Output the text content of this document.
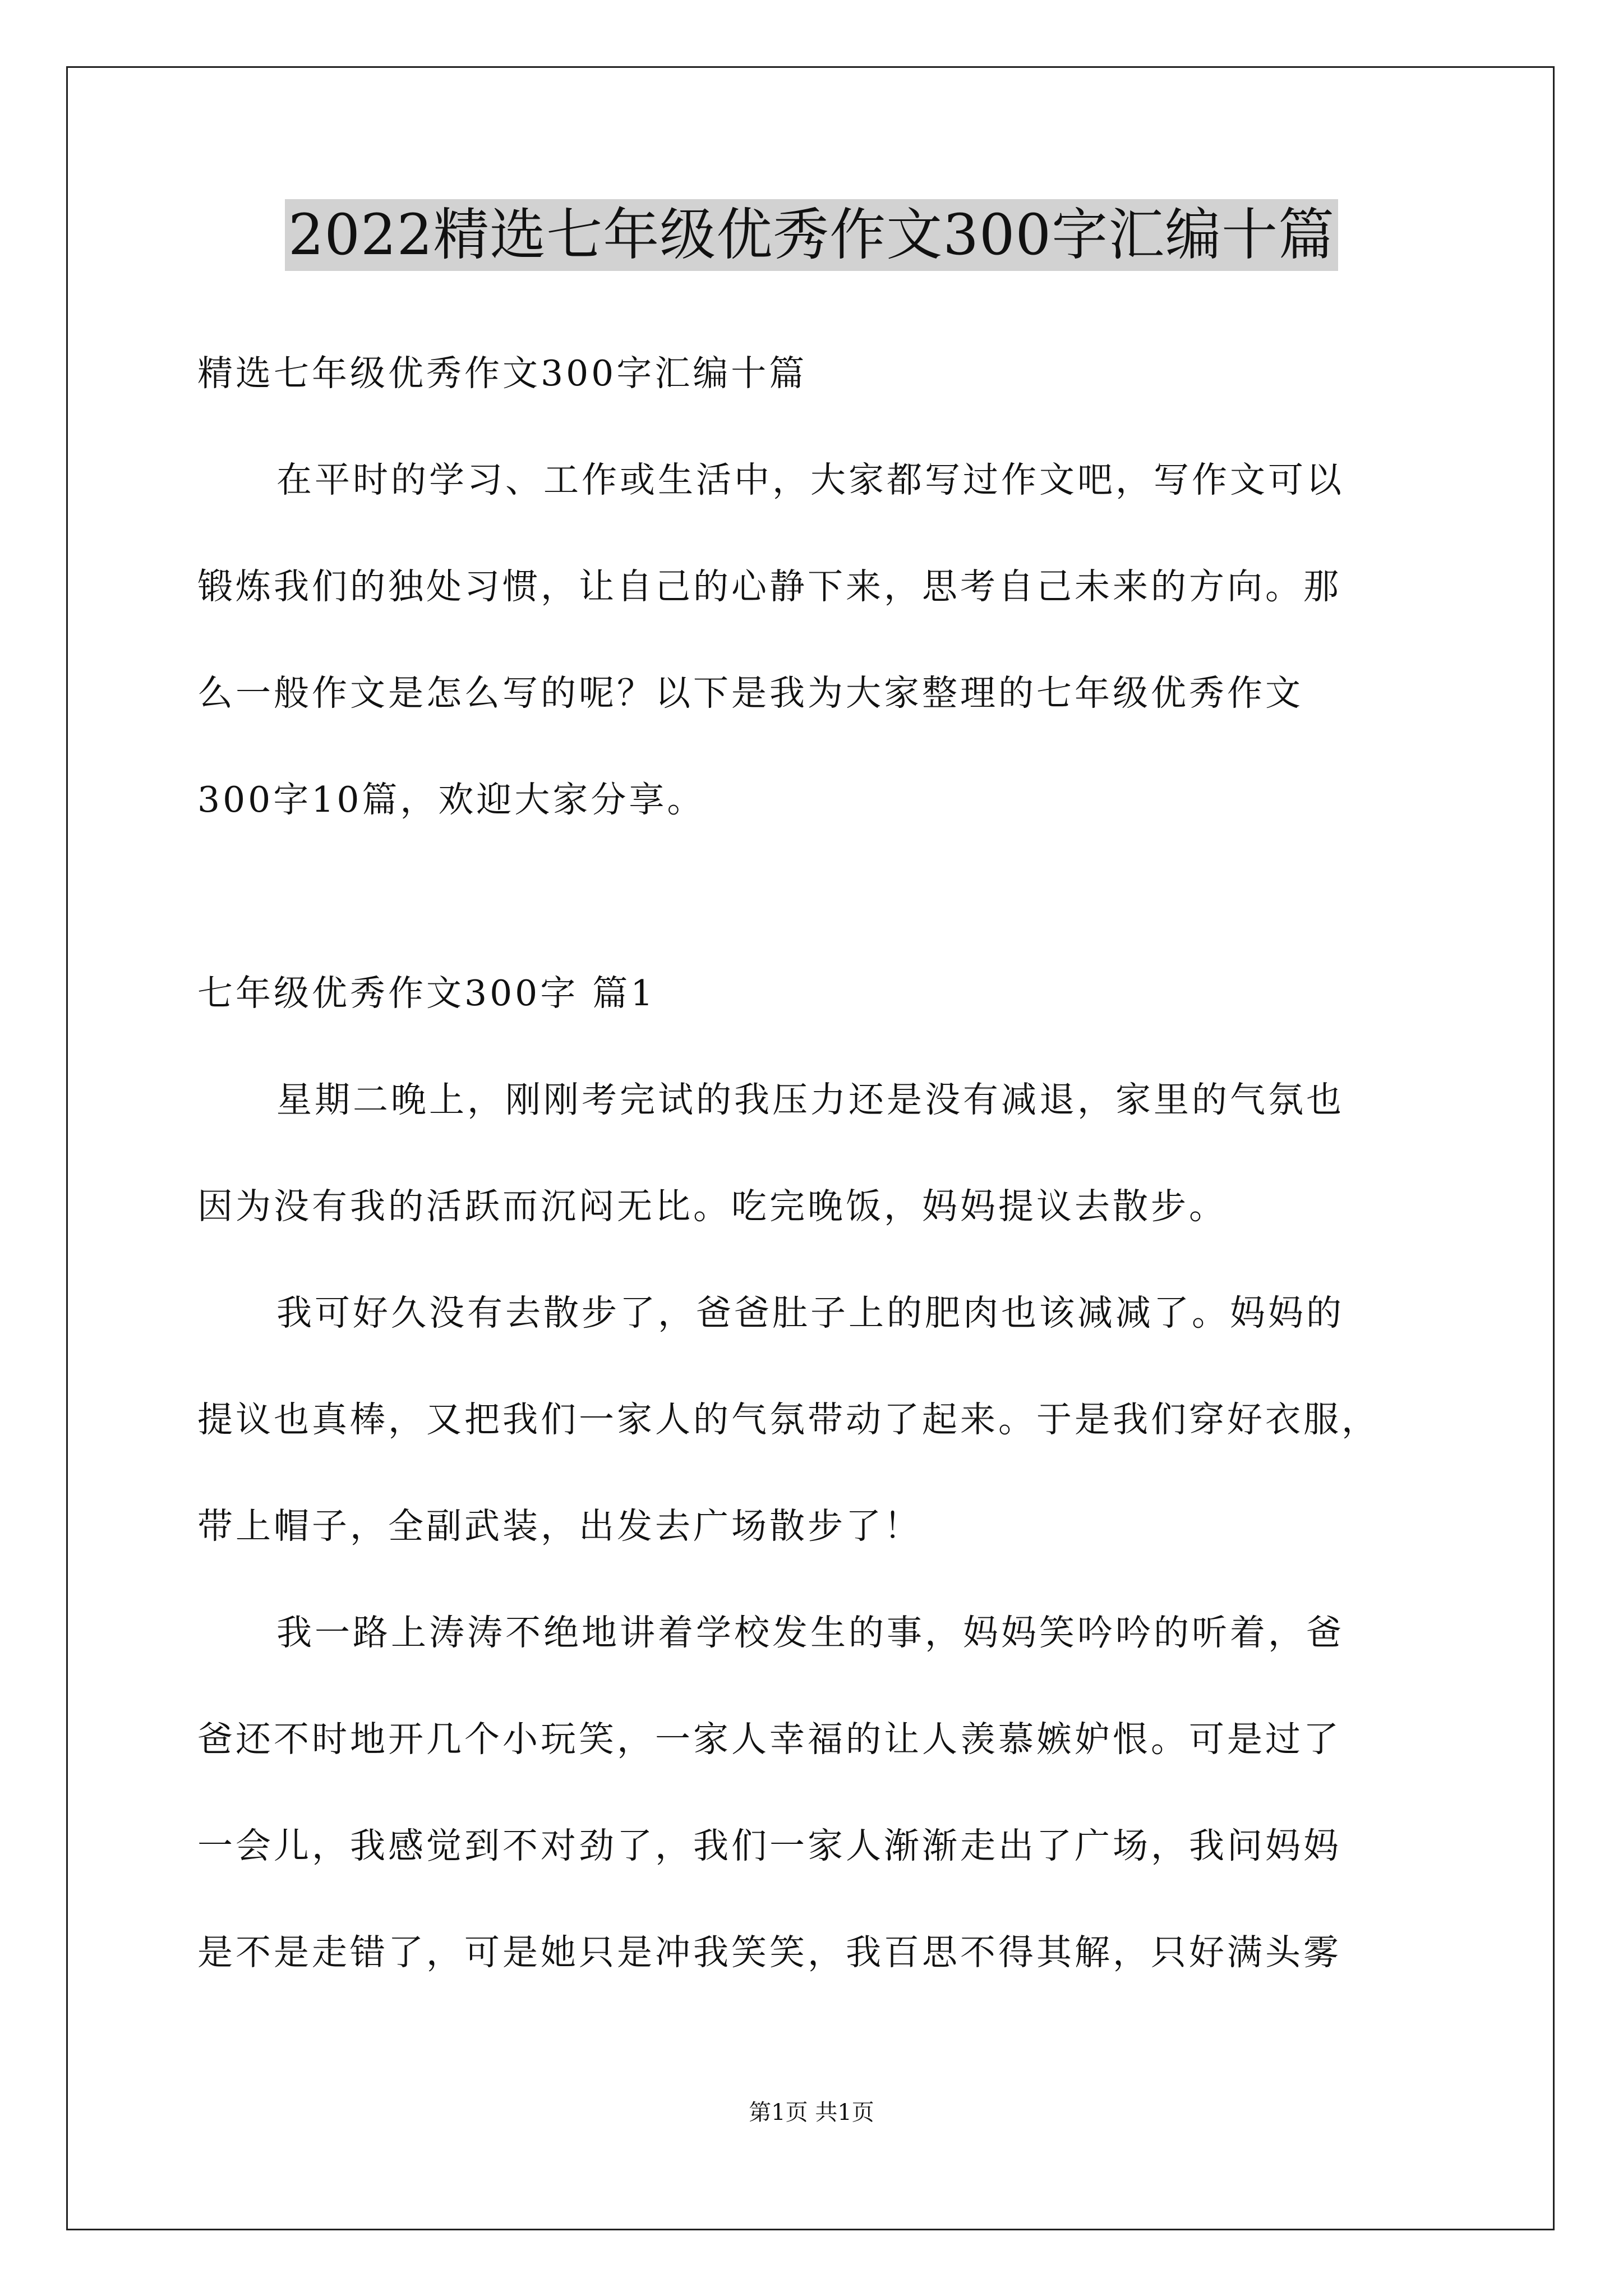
2022精选七年级优秀作文300字汇编十篇
精选七年级优秀作文300字汇编十篇
在平时的学习、工作或生活中，大家都写过作文吧，写作文可以
锻炼我们的独处习惯，让自己的心静下来，思考自己未来的方向。那
么一般作文是怎么写的呢？以下是我为大家整理的七年级优秀作文
300字10篇，欢迎大家分享。
七年级优秀作文300字 篇1
星期二晚上，刚刚考完试的我压力还是没有减退，家里的气氛也
因为没有我的活跃而沉闷无比。吃完晚饭，妈妈提议去散步。
我可好久没有去散步了，爸爸肚子上的肥肉也该减减了。妈妈的
提议也真棒，又把我们一家人的气氛带动了起来。于是我们穿好衣服，
带上帽子，全副武装，出发去广场散步了！
我一路上涛涛不绝地讲着学校发生的事，妈妈笑吟吟的听着，爸
爸还不时地开几个小玩笑，一家人幸福的让人羡慕嫉妒恨。可是过了
一会儿，我感觉到不对劲了，我们一家人渐渐走出了广场，我问妈妈
是不是走错了，可是她只是冲我笑笑，我百思不得其解，只好满头雾
第1页 共1页
